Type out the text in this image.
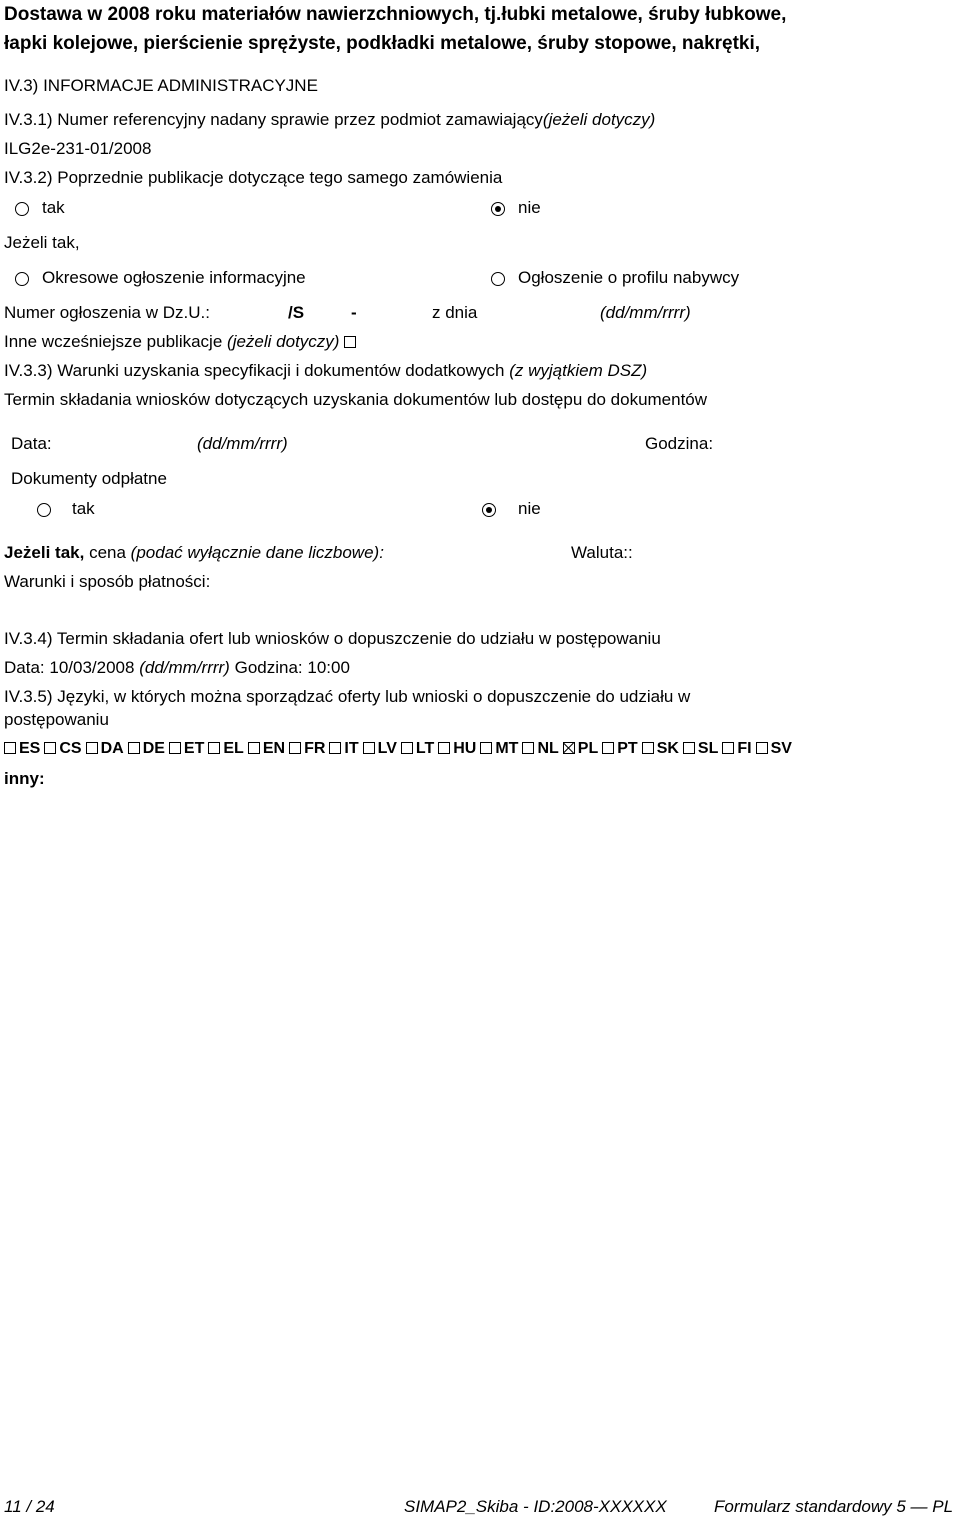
Dostawa w 2008 roku materiałów nawierzchniowych, tj.łubki metalowe, śruby łubkowe,
łapki kolejowe, pierścienie sprężyste, podkładki metalowe, śruby stopowe, nakrętki,
IV.3) INFORMACJE ADMINISTRACYJNE
IV.3.1) Numer referencyjny nadany sprawie przez podmiot zamawiający(jeżeli dotyczy)
ILG2e-231-01/2008
IV.3.2) Poprzednie publikacje dotyczące tego samego zamówienia
tak	nie
Jeżeli tak,
Okresowe ogłoszenie informacyjne	Ogłoszenie o profilu nabywcy
Numer ogłoszenia w Dz.U.:	/S	-	z dnia	(dd/mm/rrrr)
Inne wcześniejsze publikacje (jeżeli dotyczy)
IV.3.3) Warunki uzyskania specyfikacji i dokumentów dodatkowych (z wyjątkiem DSZ)
Termin składania wniosków dotyczących uzyskania dokumentów lub dostępu do dokumentów
Data:	(dd/mm/rrrr)	Godzina:
Dokumenty odpłatne
tak	nie
Jeżeli tak, cena (podać wyłącznie dane liczbowe):	Waluta::
Warunki i sposób płatności:
IV.3.4) Termin składania ofert lub wniosków o dopuszczenie do udziału w postępowaniu
Data: 10/03/2008 (dd/mm/rrrr) Godzina: 10:00
IV.3.5) Języki, w których można sporządzać oferty lub wnioski o dopuszczenie do udziału w
postępowaniu
ES CS DA DE ET EL EN FR IT LV LT HU MT NL PL PT SK SL FI SV
inny:
11 / 24	SIMAP2_Skiba - ID:2008-XXXXXX	Formularz standardowy 5 — PL
